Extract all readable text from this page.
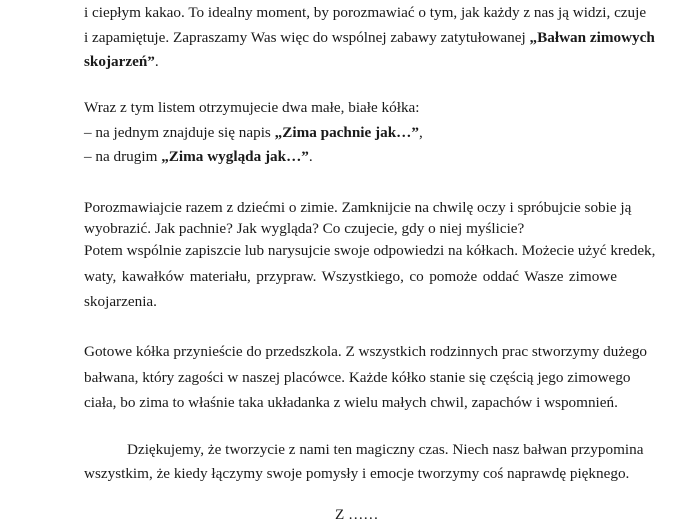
i ciepłym kakao. To idealny moment, by porozmawiać o tym, jak każdy z nas ją widzi, czuje
i zapamiętuje. Zapraszamy Was więc do wspólnej zabawy zatytułowanej „Bałwan zimowych
skojarzeń”.
Wraz z tym listem otrzymujecie dwa małe, białe kółka:
– na jednym znajduje się napis „Zima pachnie jak…”,
– na drugim „Zima wygląda jak…”.
Porozmawiajcie razem z dziećmi o zimie. Zamknijcie na chwilę oczy i spróbujcie sobie ją
wyobrazić. Jak pachnie? Jak wygląda? Co czujecie, gdy o niej myślicie?
Potem wspólnie zapiszcie lub narysujcie swoje odpowiedzi na kółkach. Możecie użyć kredek,
waty, kawałków materiału, przypraw. Wszystkiego, co pomoże oddać Wasze zimowe
skojarzenia.
Gotowe kółka przynieście do przedszkola. Z wszystkich rodzinnych prac stworzymy dużego
bałwana, który zagości w naszej placówce. Każde kółko stanie się częścią jego zimowego
ciała, bo zima to właśnie taka układanka z wielu małych chwil, zapachów i wspomnień.
Dziękujemy, że tworzycie z nami ten magiczny czas. Niech nasz bałwan przypomina
wszystkim, że kiedy łączymy swoje pomysły i emocje tworzymy coś naprawdę pięknego.
Z ……
